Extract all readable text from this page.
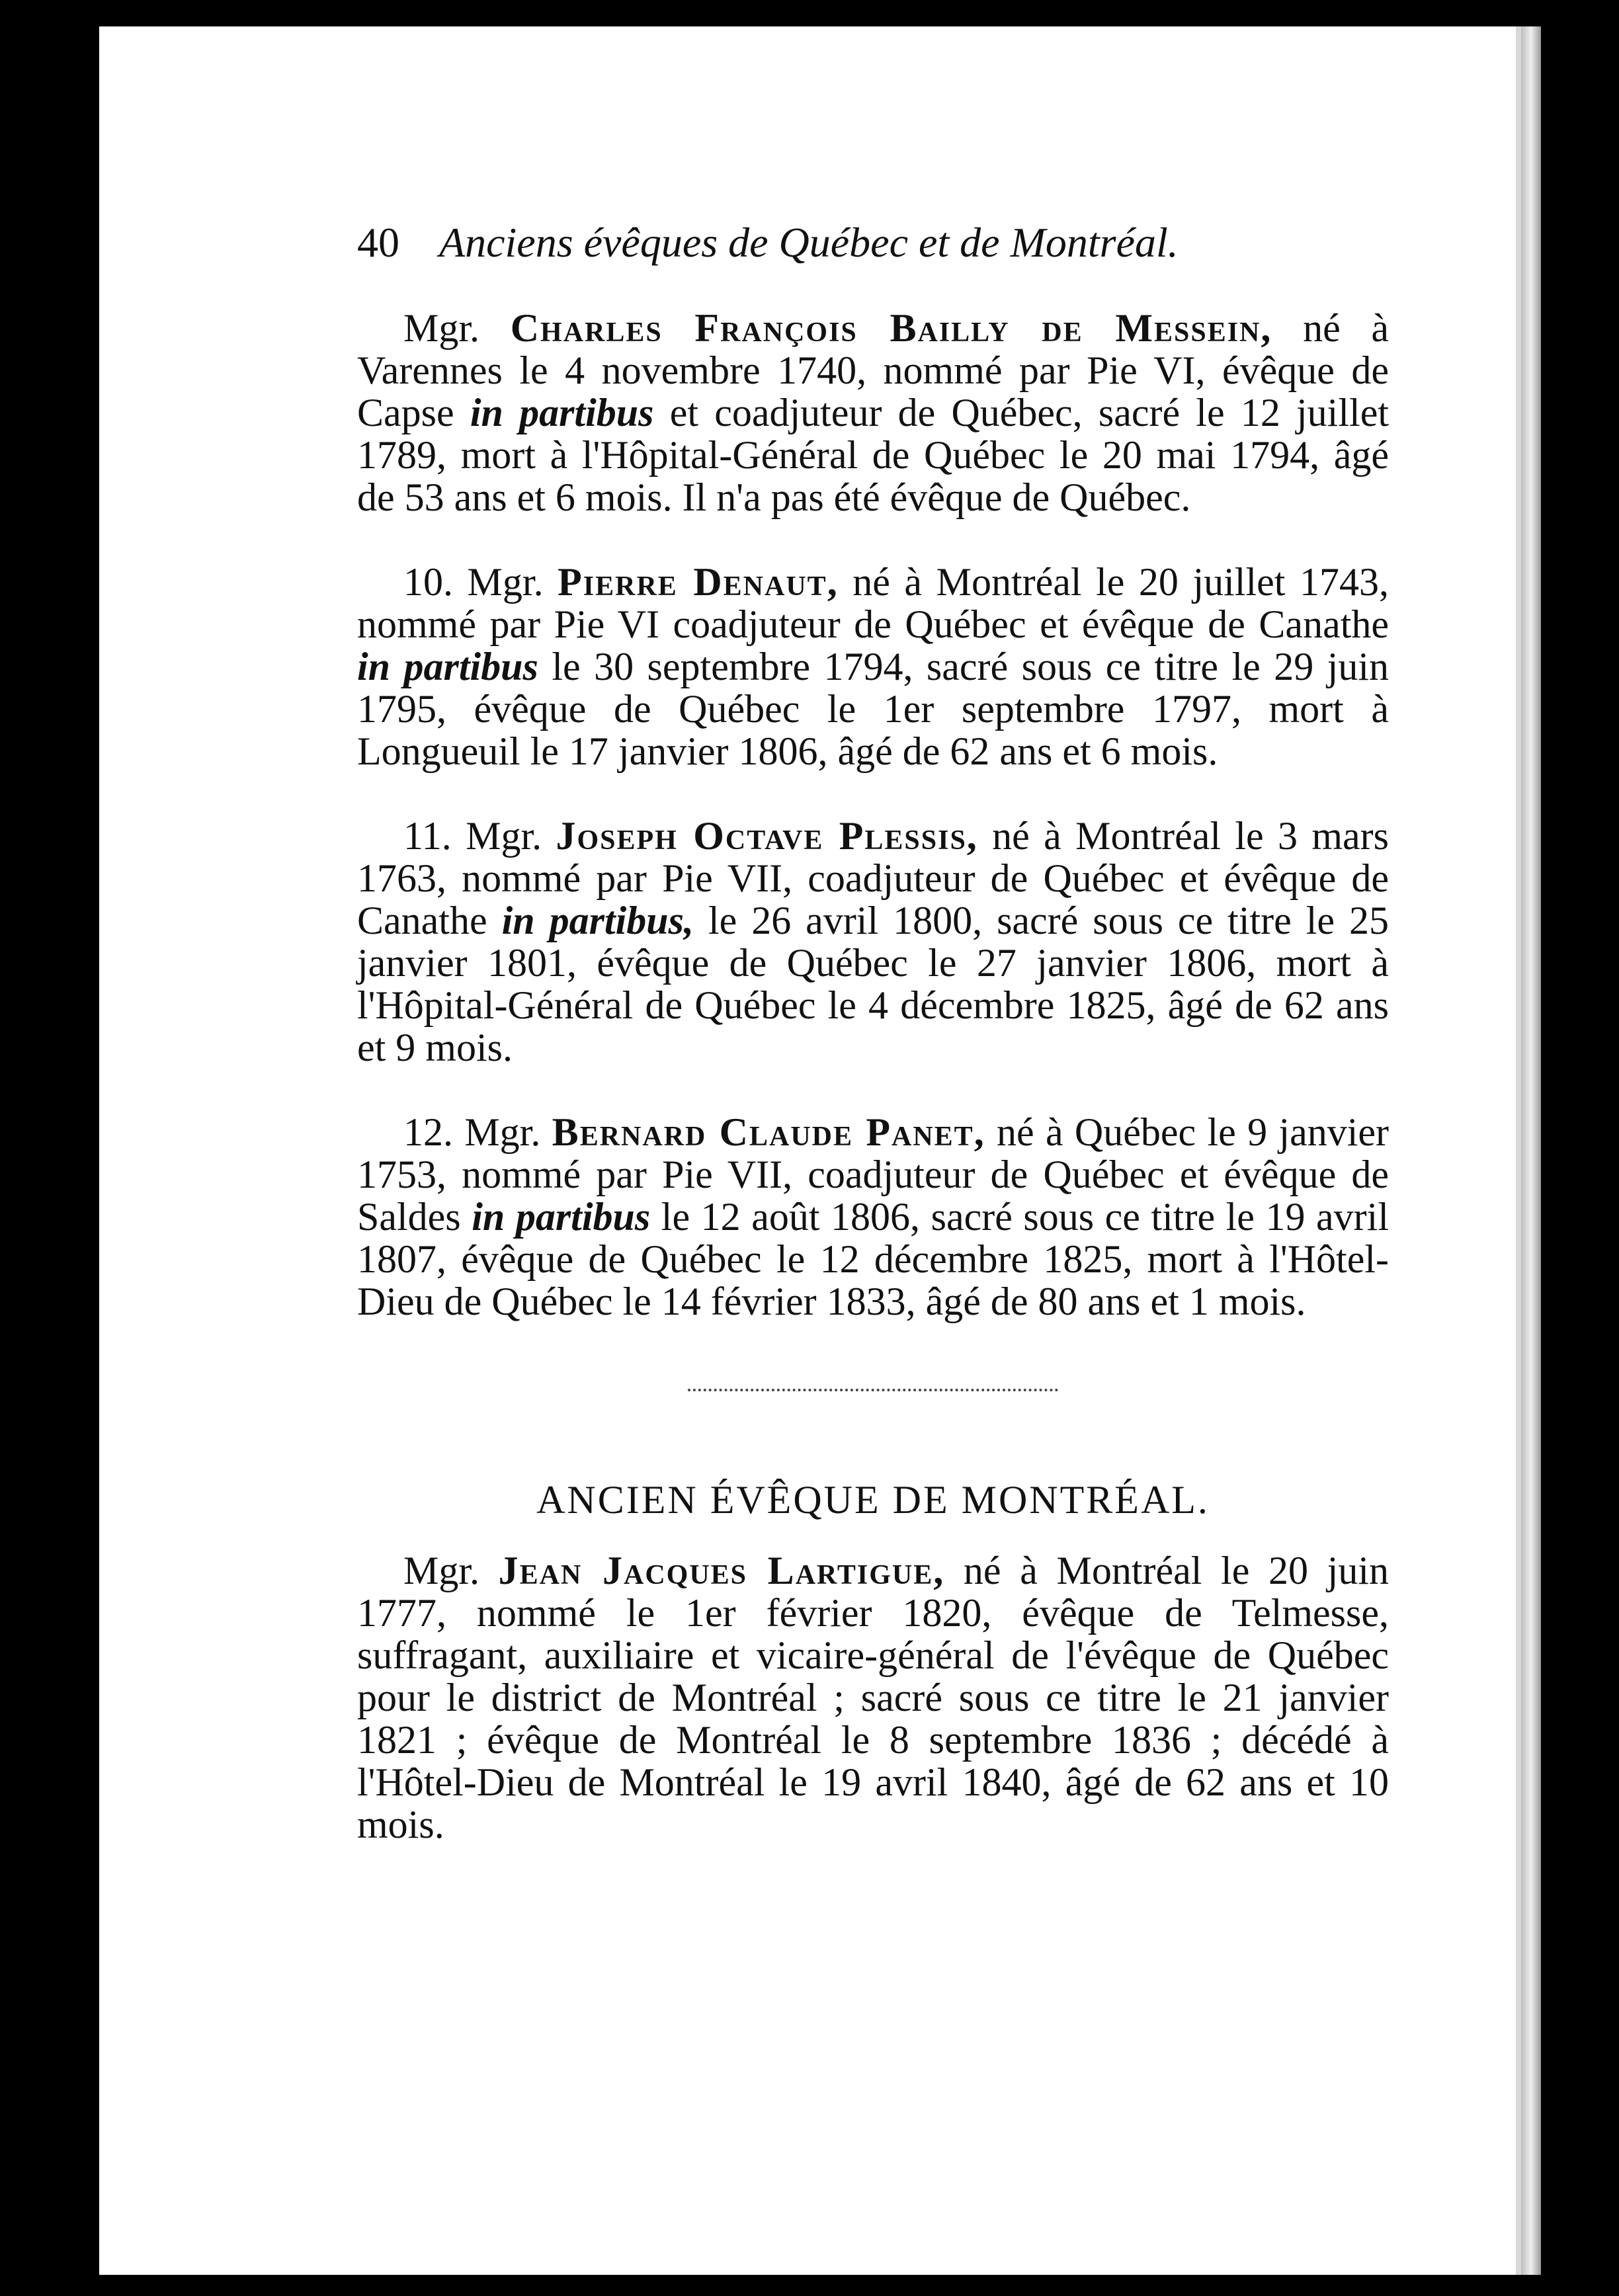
40 Anciens évêques de Québec et de Montréal.

Mgr. Charles François Bailly de Messein, né à Varennes le 4 novembre 1740, nommé par Pie VI, évêque de Capse in partibus et coadjuteur de Québec, sacré le 12 juillet 1789, mort à l'Hôpital-Général de Québec le 20 mai 1794, âgé de 53 ans et 6 mois. Il n'a pas été évêque de Québec.

10. Mgr. Pierre Denaut, né à Montréal le 20 juillet 1743, nommé par Pie VI coadjuteur de Québec et évêque de Canathe in partibus le 30 septembre 1794, sacré sous ce titre le 29 juin 1795, évêque de Québec le 1er septembre 1797, mort à Longueuil le 17 janvier 1806, âgé de 62 ans et 6 mois.

11. Mgr. Joseph Octave Plessis, né à Montréal le 3 mars 1763, nommé par Pie VII, coadjuteur de Québec et évêque de Canathe in partibus, le 26 avril 1800, sacré sous ce titre le 25 janvier 1801, évêque de Québec le 27 janvier 1806, mort à l'Hôpital-Général de Québec le 4 décembre 1825, âgé de 62 ans et 9 mois.

12. Mgr. Bernard Claude Panet, né à Québec le 9 janvier 1753, nommé par Pie VII, coadjuteur de Québec et évêque de Saldes in partibus le 12 août 1806, sacré sous ce titre le 19 avril 1807, évêque de Québec le 12 décembre 1825, mort à l'Hôtel-Dieu de Québec le 14 février 1833, âgé de 80 ans et 1 mois.

ANCIEN ÉVÊQUE DE MONTRÉAL.

Mgr. Jean Jacques Lartigue, né à Montréal le 20 juin 1777, nommé le 1er février 1820, évêque de Telmesse, suffragant, auxiliaire et vicaire-général de l'évêque de Québec pour le district de Montréal ; sacré sous ce titre le 21 janvier 1821 ; évêque de Montréal le 8 septembre 1836 ; décédé à l'Hôtel-Dieu de Montréal le 19 avril 1840, âgé de 62 ans et 10 mois.
